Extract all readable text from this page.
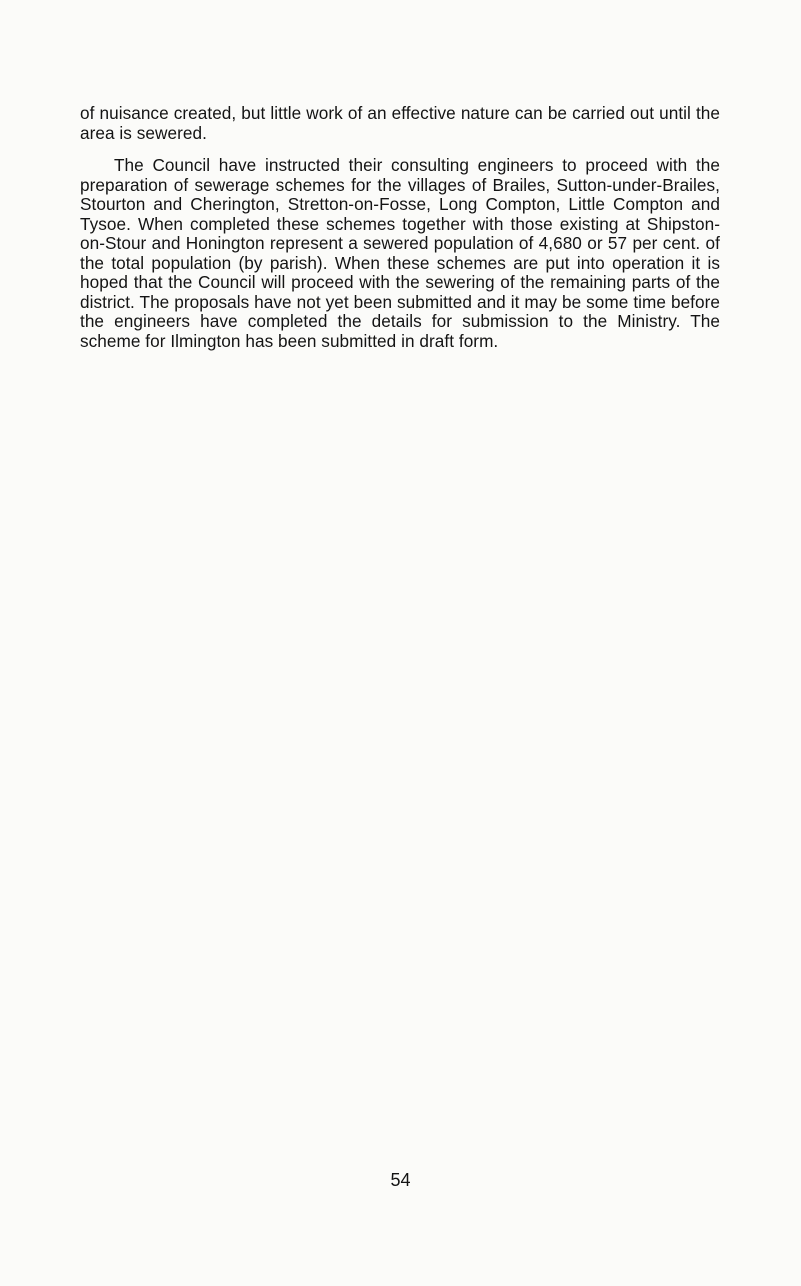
of nuisance created, but little work of an effective nature can be carried out until the area is sewered.

The Council have instructed their consulting engineers to proceed with the preparation of sewerage schemes for the villages of Brailes, Sutton-under-Brailes, Stourton and Cherington, Stretton-on-Fosse, Long Compton, Little Compton and Tysoe. When completed these schemes together with those existing at Shipston-on-Stour and Honington represent a sewered population of 4,680 or 57 per cent. of the total population (by parish). When these schemes are put into operation it is hoped that the Council will proceed with the sewering of the remaining parts of the district. The proposals have not yet been submitted and it may be some time before the engineers have completed the details for submission to the Ministry. The scheme for Ilmington has been submitted in draft form.

54
